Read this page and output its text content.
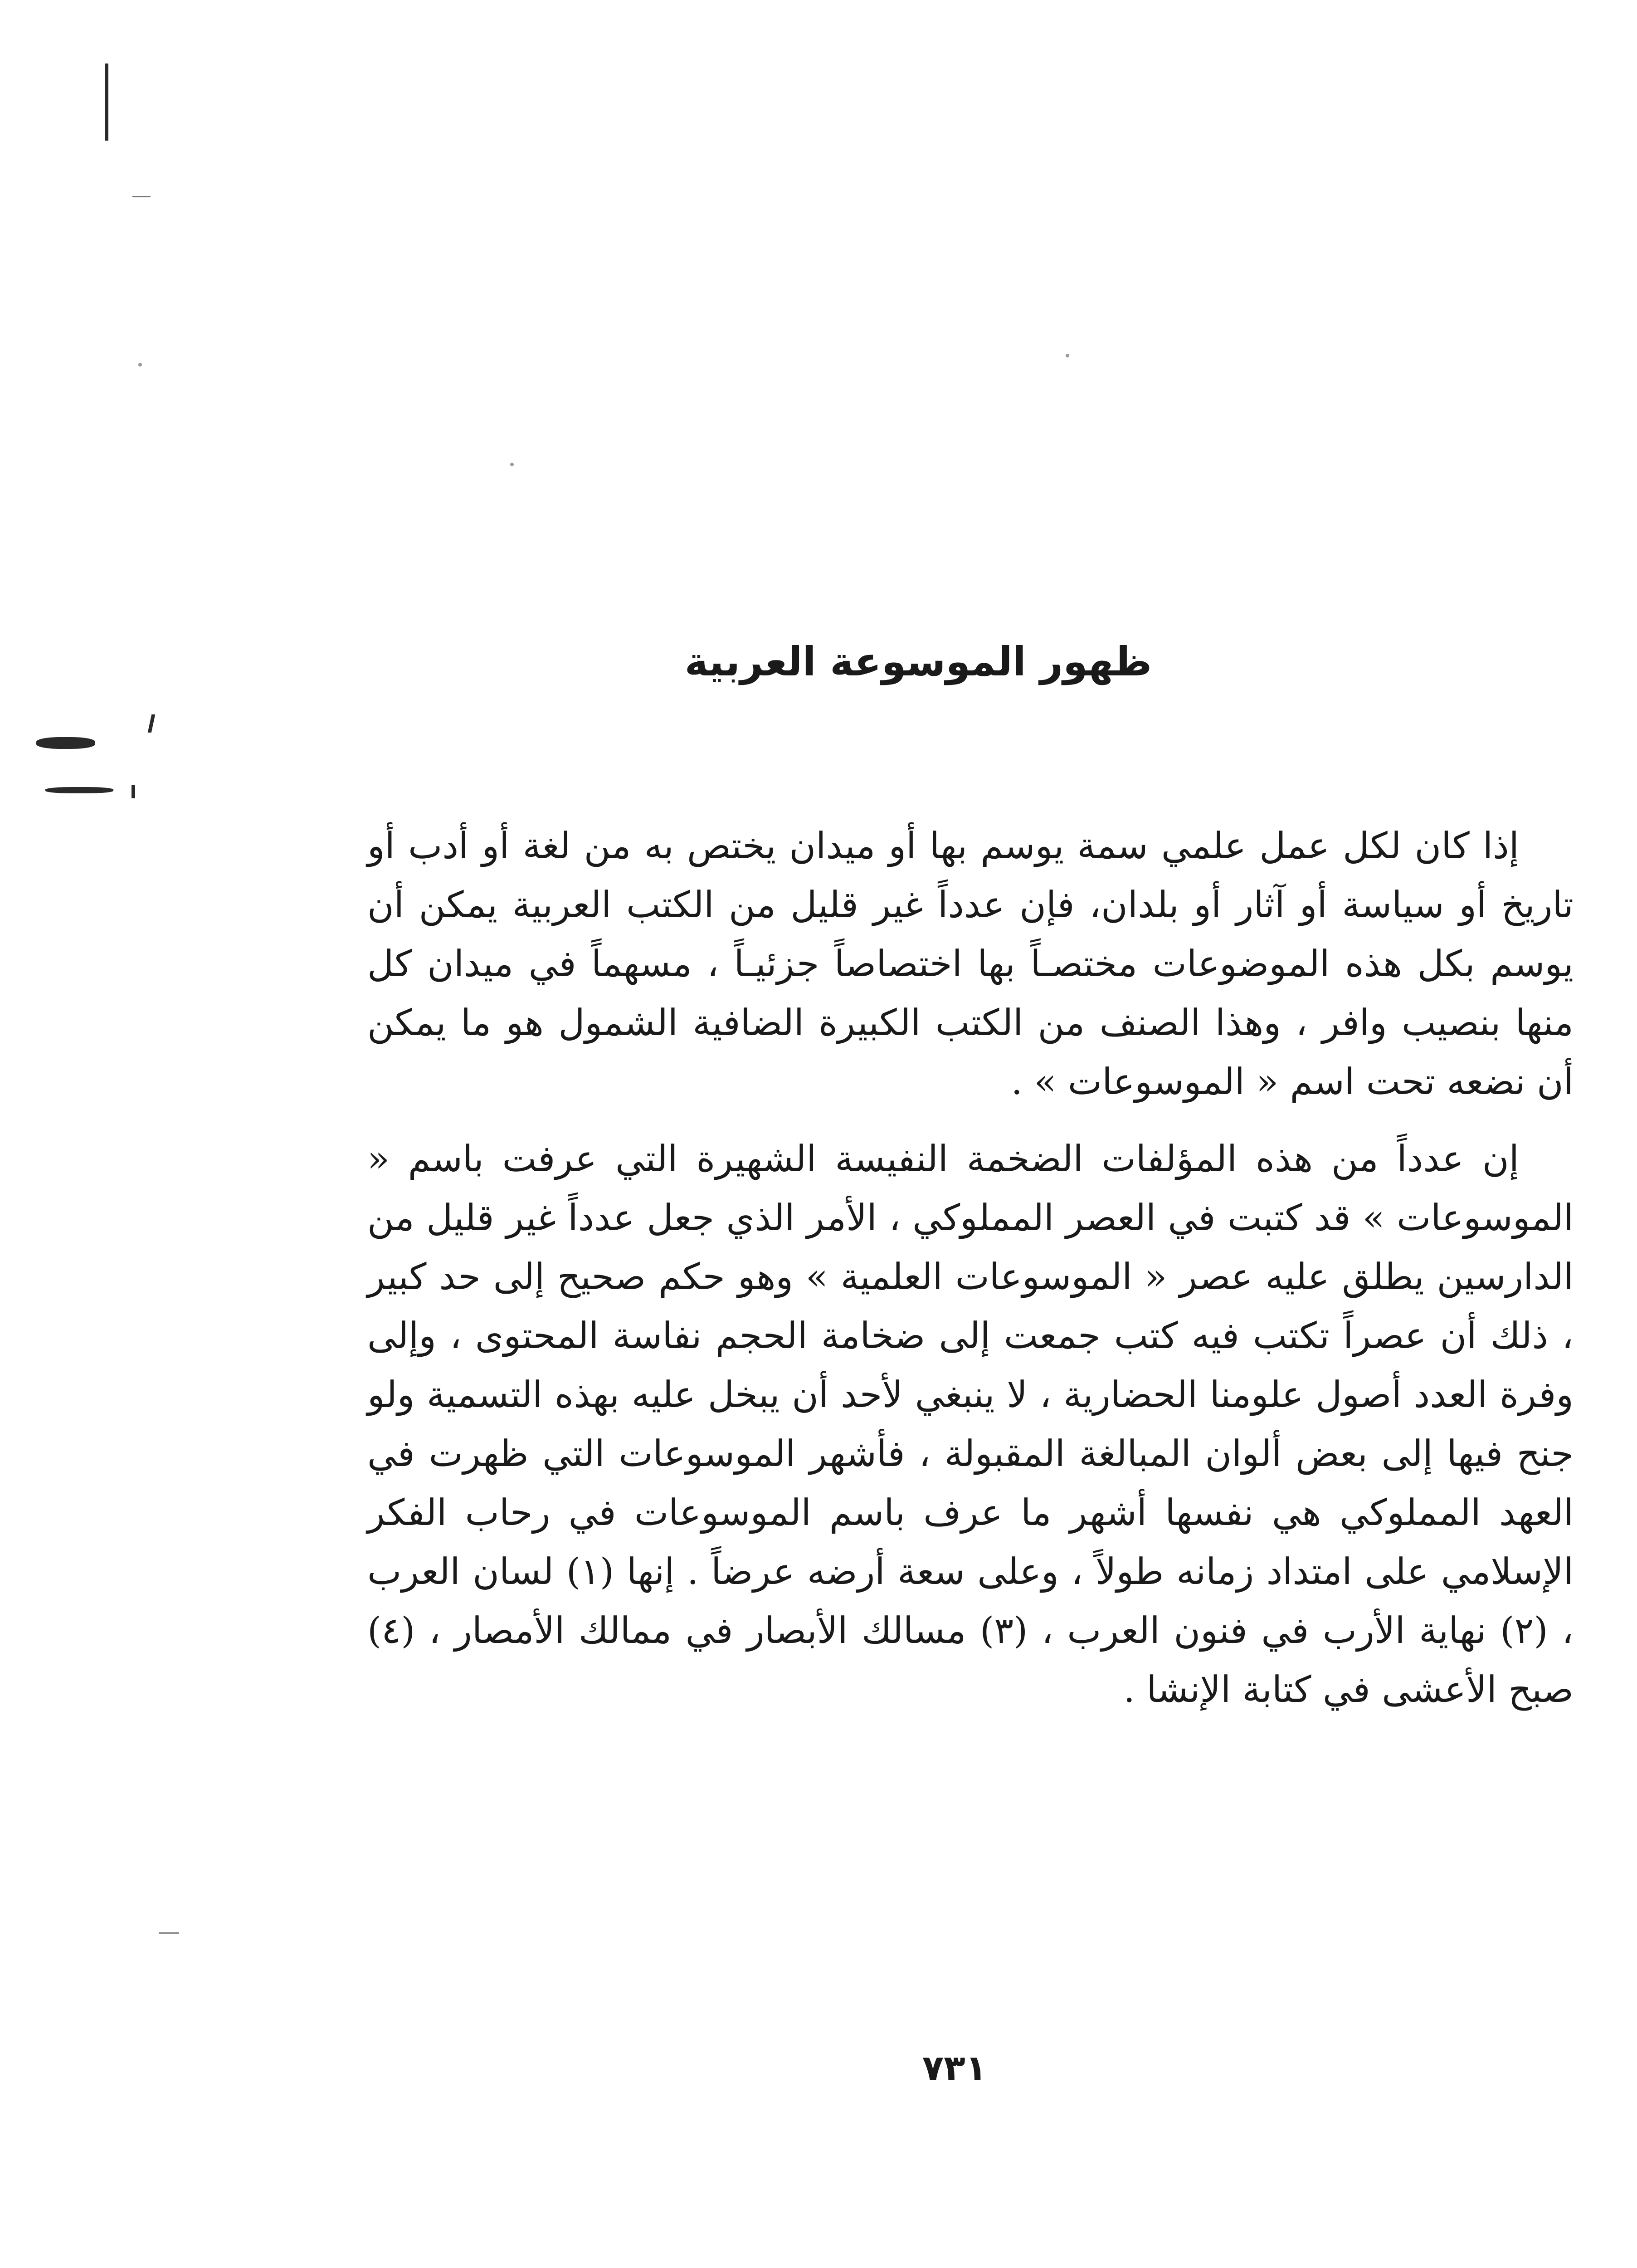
ظهور الموسوعة العربية

إذا كان لكل عمل علمي سمة يوسم بها أو ميدان يختص به من لغة أو أدب أو تاريخ أو سياسة أو آثار أو بلدان، فإن عدداً غير قليل من الكتب العربية يمكن أن يوسم بكل هذه الموضوعات مختصـاً بها اختصاصاً جزئيـاً ، مسهماً في ميدان كل منها بنصيب وافر ، وهذا الصنف من الكتب الكبيرة الضافية الشمول هو ما يمكن أن نضعه تحت اسم « الموسوعات » .

إن عدداً من هذه المؤلفات الضخمة النفيسة الشهيرة التي عرفت باسم « الموسوعات » قد كتبت في العصر المملوكي ، الأمر الذي جعل عدداً غير قليل من الدارسين يطلق عليه عصر « الموسوعات العلمية » وهو حكم صحيح إلى حد كبير ، ذلك أن عصراً تكتب فيه كتب جمعت إلى ضخامة الحجم نفاسة المحتوى ، وإلى وفرة العدد أصول علومنا الحضارية ، لا ينبغي لأحد أن يبخل عليه بهذه التسمية ولو جنح فيها إلى بعض ألوان المبالغة المقبولة ، فأشهر الموسوعات التي ظهرت في العهد المملوكي هي نفسها أشهر ما عرف باسم الموسوعات في رحاب الفكر الإسلامي على امتداد زمانه طولاً ، وعلى سعة أرضه عرضاً . إنها (١) لسان العرب ، (٢) نهاية الأرب في فنون العرب ، (٣) مسالك الأبصار في ممالك الأمصار ، (٤) صبح الأعشى في كتابة الإنشا .

٧٣١
